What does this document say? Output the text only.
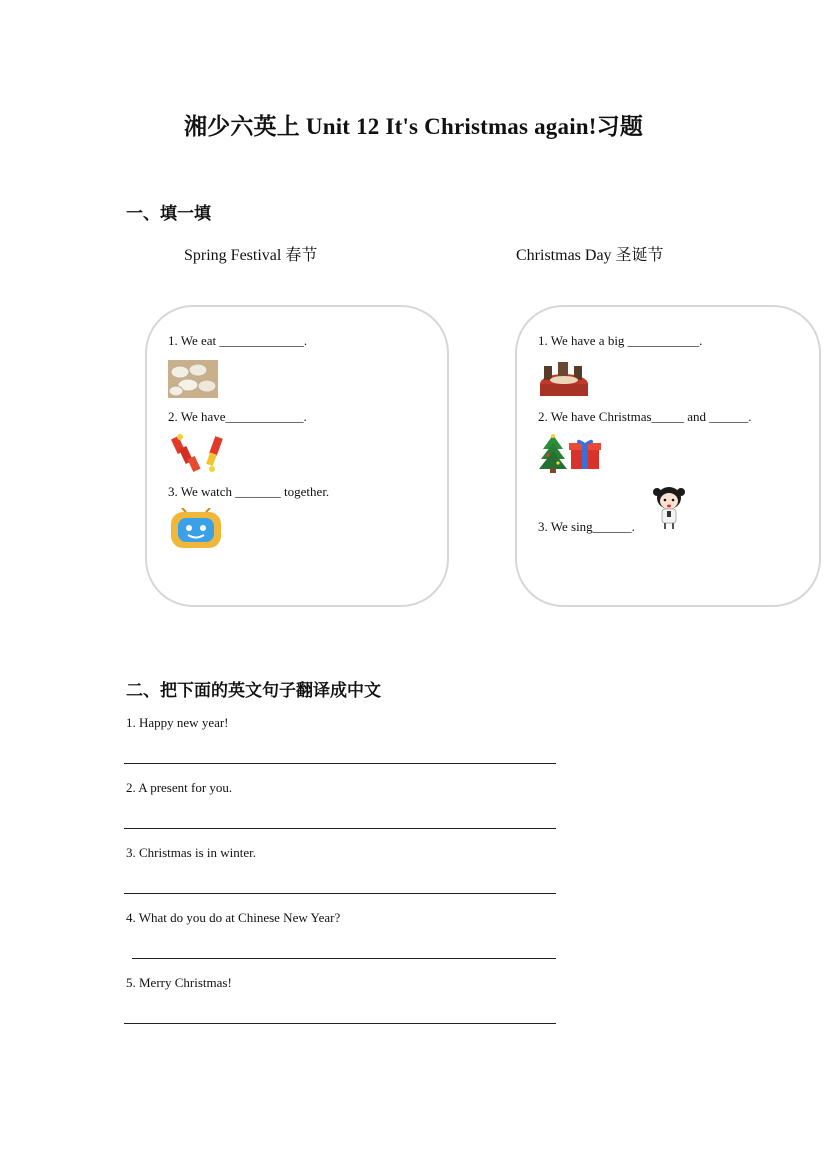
湘少六英上 Unit 12 It's Christmas again!习题
一、填一填
Spring Festival 春节	Christmas Day 圣诞节
1. We eat _____________.
2. We have____________.
3. We watch _______ together.
1. We have a big ___________.
2. We have Christmas_____ and ______.
3. We sing______.
二、把下面的英文句子翻译成中文
1. Happy new year!
2. A present for you.
3. Christmas is in winter.
4. What do you do at Chinese New Year?
5. Merry Christmas!
